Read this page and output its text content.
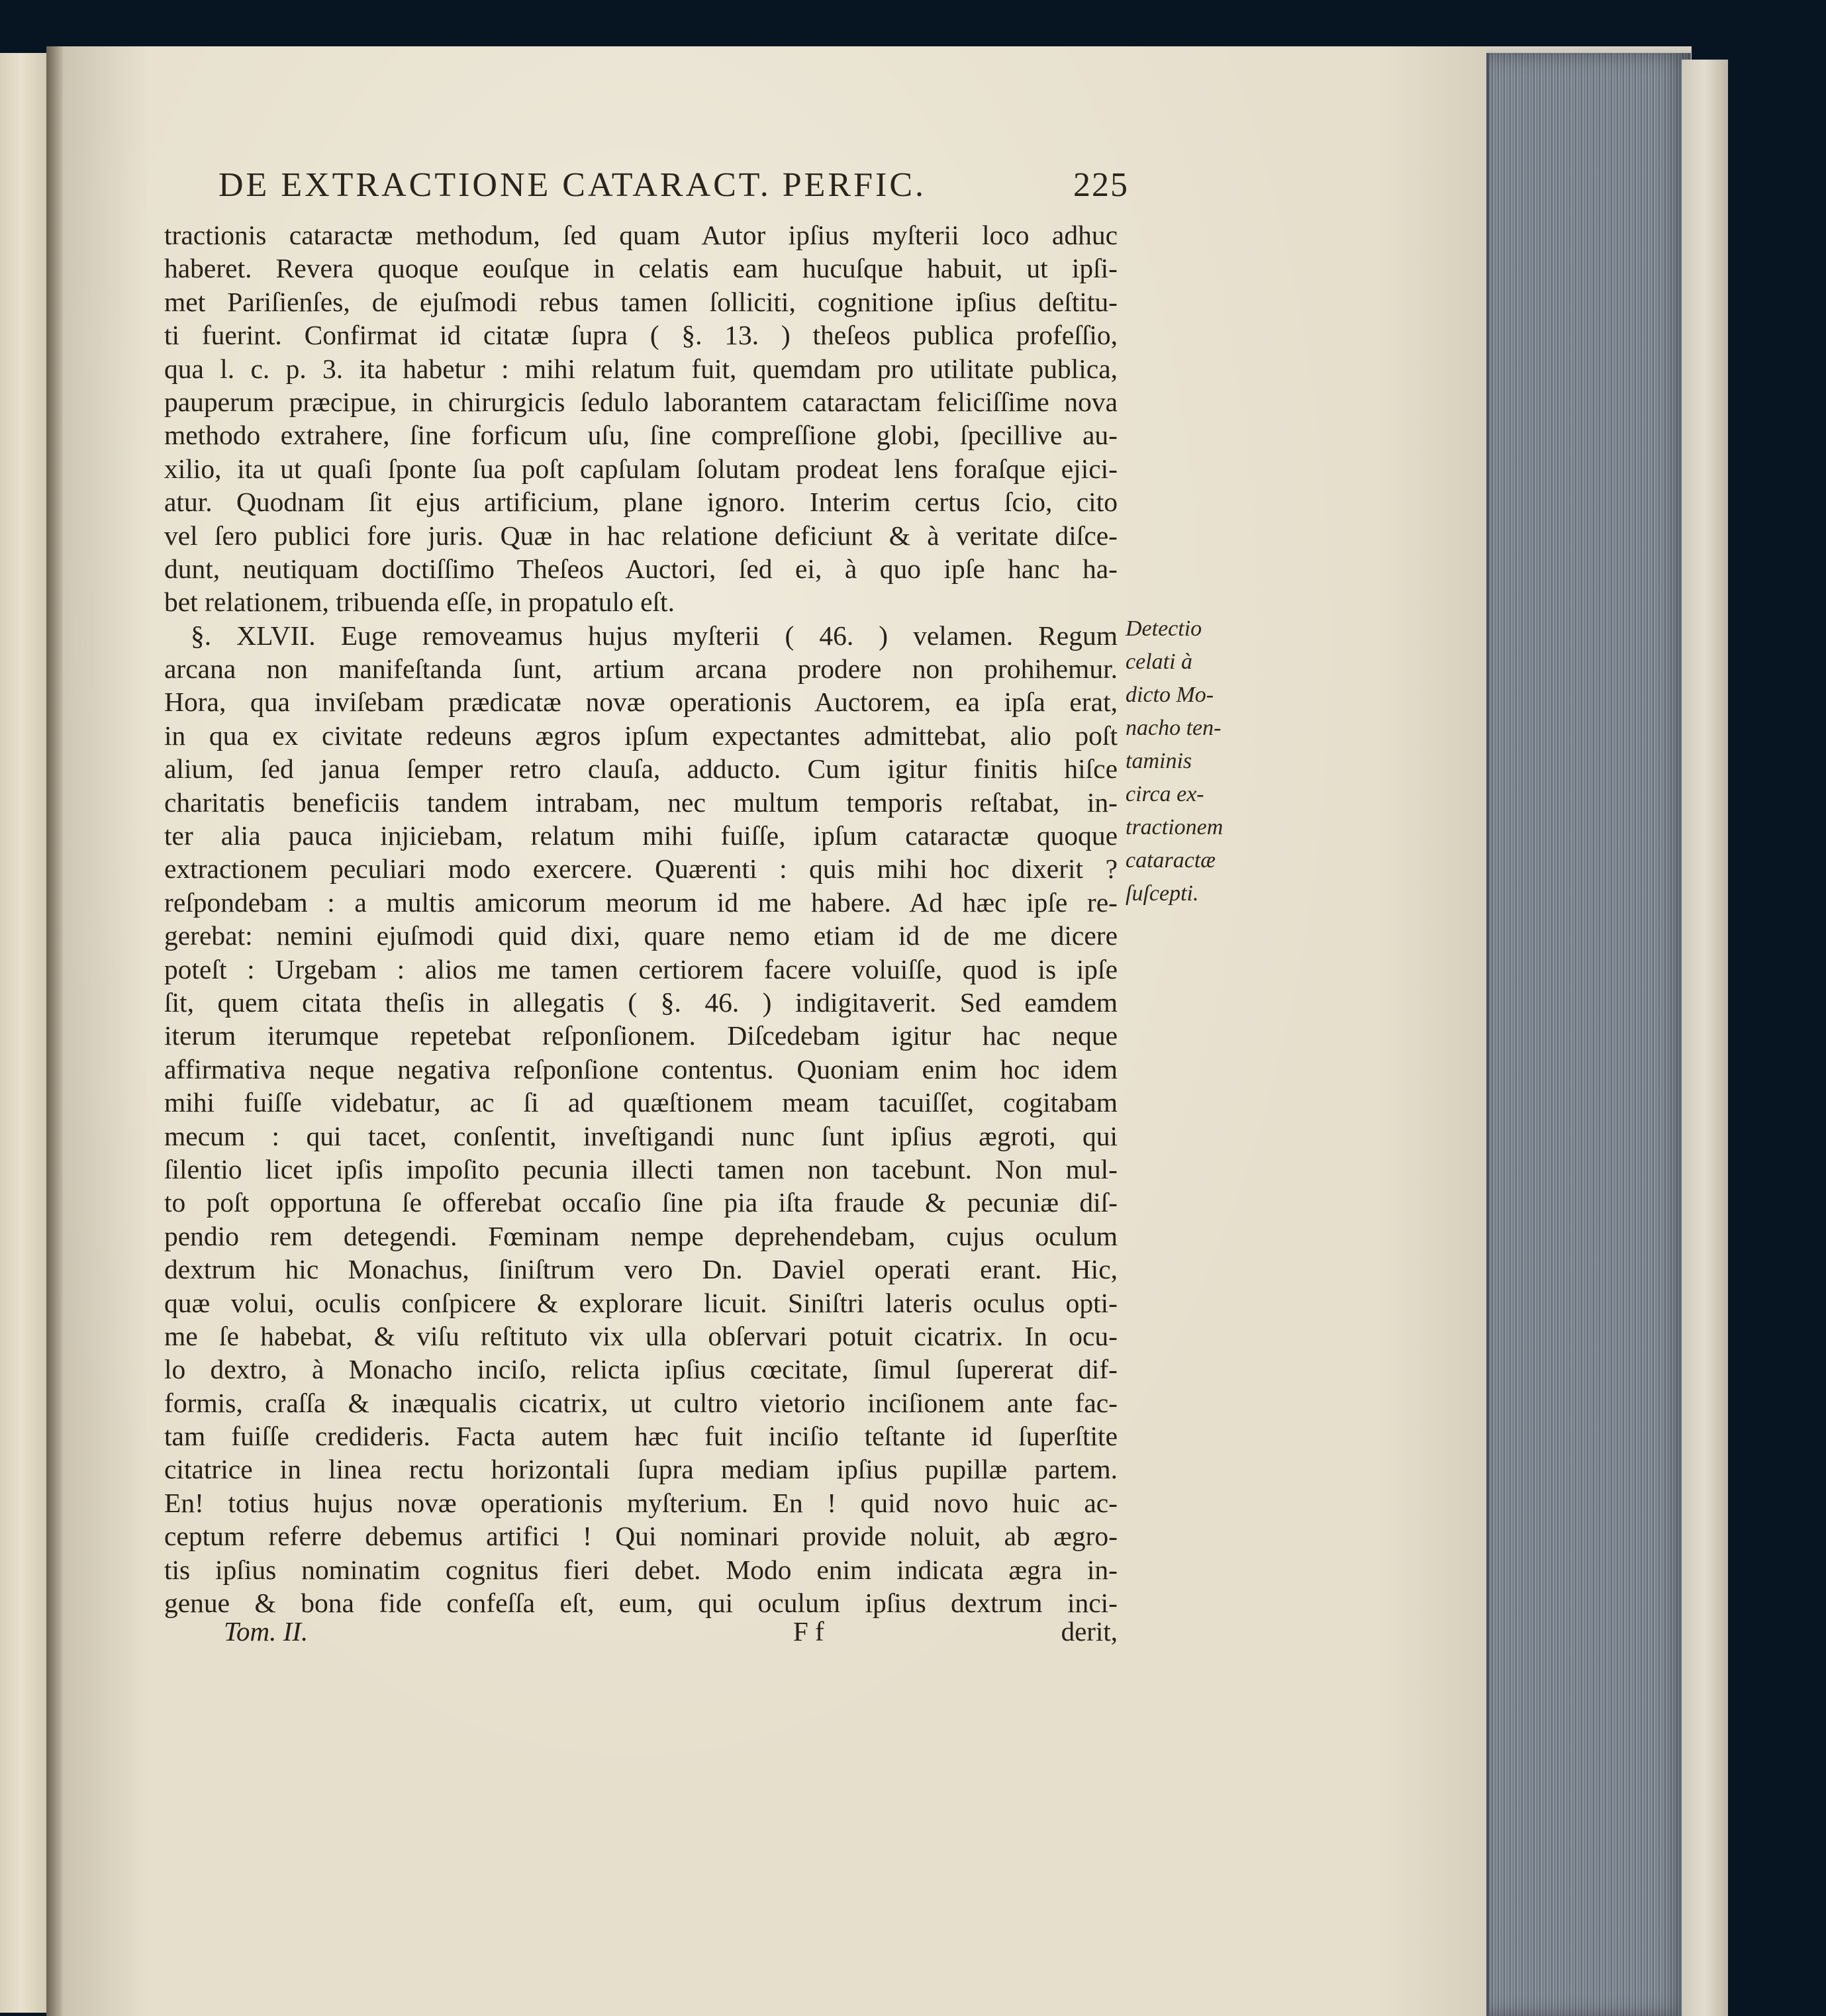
DE EXTRACTIONE CATARACT. PERFIC.	225
tractionis cataractæ methodum, ſed quam Autor ipſius myſterii loco adhuc
haberet. Revera quoque eouſque in celatis eam hucuſque habuit, ut ipſi-
met Pariſienſes, de ejuſmodi rebus tamen ſolliciti, cognitione ipſius deſtitu-
ti fuerint. Confirmat id citatæ ſupra ( §. 13. ) theſeos publica profeſſio,
qua l. c. p. 3. ita habetur : mihi relatum fuit, quemdam pro utilitate publica,
pauperum præcipue, in chirurgicis ſedulo laborantem cataractam feliciſſime nova
methodo extrahere, ſine forficum uſu, ſine compreſſione globi, ſpecillive au-
xilio, ita ut quaſi ſponte ſua poſt capſulam ſolutam prodeat lens foraſque ejici-
atur. Quodnam ſit ejus artificium, plane ignoro. Interim certus ſcio, cito
vel ſero publici fore juris. Quæ in hac relatione deficiunt & à veritate diſce-
dunt, neutiquam doctiſſimo Theſeos Auctori, ſed ei, à quo ipſe hanc ha-
bet relationem, tribuenda eſſe, in propatulo eſt.
§. XLVII. Euge removeamus hujus myſterii ( 46. ) velamen. Regum
arcana non manifeſtanda ſunt, artium arcana prodere non prohihemur.
Hora, qua inviſebam prædicatæ novæ operationis Auctorem, ea ipſa erat,
in qua ex civitate redeuns ægros ipſum expectantes admittebat, alio poſt
alium, ſed janua ſemper retro clauſa, adducto. Cum igitur finitis hiſce
charitatis beneficiis tandem intrabam, nec multum temporis reſtabat, in-
ter alia pauca injiciebam, relatum mihi fuiſſe, ipſum cataractæ quoque
extractionem peculiari modo exercere. Quærenti : quis mihi hoc dixerit ?
reſpondebam : a multis amicorum meorum id me habere. Ad hæc ipſe re-
gerebat: nemini ejuſmodi quid dixi, quare nemo etiam id de me dicere
poteſt : Urgebam : alios me tamen certiorem facere voluiſſe, quod is ipſe
ſit, quem citata theſis in allegatis ( §. 46. ) indigitaverit. Sed eamdem
iterum iterumque repetebat reſponſionem. Diſcedebam igitur hac neque
affirmativa neque negativa reſponſione contentus. Quoniam enim hoc idem
mihi fuiſſe videbatur, ac ſi ad quæſtionem meam tacuiſſet, cogitabam
mecum : qui tacet, conſentit, inveſtigandi nunc ſunt ipſius ægroti, qui
ſilentio licet ipſis impoſito pecunia illecti tamen non tacebunt. Non mul-
to poſt opportuna ſe offerebat occaſio ſine pia iſta fraude & pecuniæ diſ-
pendio rem detegendi. Fœminam nempe deprehendebam, cujus oculum
dextrum hic Monachus, ſiniſtrum vero Dn. Daviel operati erant. Hic,
quæ volui, oculis conſpicere & explorare licuit. Siniſtri lateris oculus opti-
me ſe habebat, & viſu reſtituto vix ulla obſervari potuit cicatrix. In ocu-
lo dextro, à Monacho inciſo, relicta ipſius cœcitate, ſimul ſupererat dif-
formis, craſſa & inæqualis cicatrix, ut cultro vietorio inciſionem ante fac-
tam fuiſſe credideris. Facta autem hæc fuit inciſio teſtante id ſuperſtite
citatrice in linea rectu horizontali ſupra mediam ipſius pupillæ partem.
En! totius hujus novæ operationis myſterium. En ! quid novo huic ac-
ceptum referre debemus artifici ! Qui nominari provide noluit, ab ægro-
tis ipſius nominatim cognitus fieri debet. Modo enim indicata ægra in-
genue & bona fide confeſſa eſt, eum, qui oculum ipſius dextrum inci-
Detectio
celati à
dicto Mo-
nacho ten-
taminis
circa ex-
tractionem
cataractæ
ſuſcepti.
Tom. II.	F f	derit,
